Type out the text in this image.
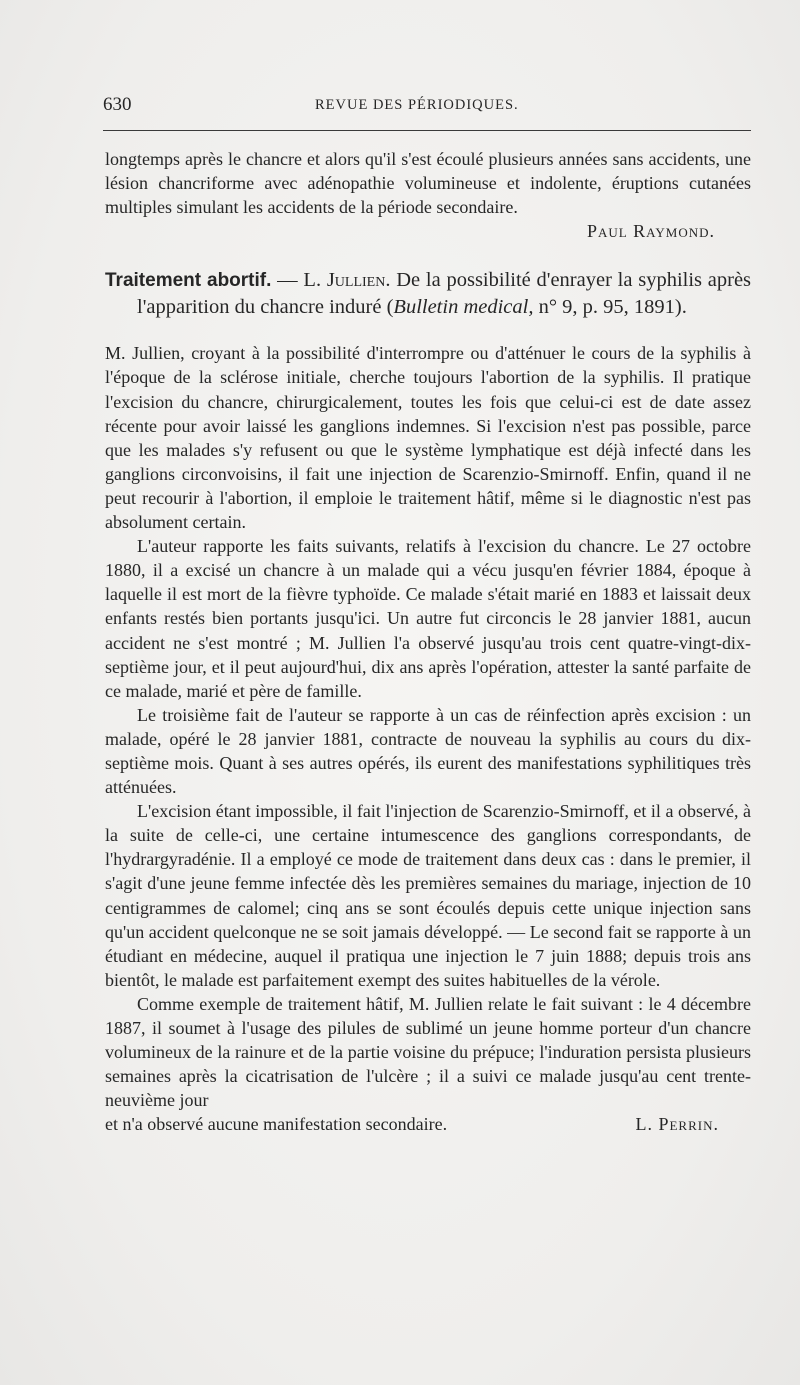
630	REVUE DES PÉRIODIQUES.

longtemps après le chancre et alors qu'il s'est écoulé plusieurs années sans accidents, une lésion chancriforme avec adénopathie volumineuse et indolente, éruptions cutanées multiples simulant les accidents de la période secondaire.

Paul Raymond.

Traitement abortif. — L. Jullien. De la possibilité d'enrayer la syphilis après l'apparition du chancre induré (Bulletin medical, n° 9, p. 95, 1891).

M. Jullien, croyant à la possibilité d'interrompre ou d'atténuer le cours de la syphilis à l'époque de la sclérose initiale, cherche toujours l'abortion de la syphilis. Il pratique l'excision du chancre, chirurgicalement, toutes les fois que celui-ci est de date assez récente pour avoir laissé les ganglions indemnes. Si l'excision n'est pas possible, parce que les malades s'y refusent ou que le système lymphatique est déjà infecté dans les ganglions circonvoisins, il fait une injection de Scarenzio-Smirnoff. Enfin, quand il ne peut recourir à l'abortion, il emploie le traitement hâtif, même si le diagnostic n'est pas absolument certain.

L'auteur rapporte les faits suivants, relatifs à l'excision du chancre. Le 27 octobre 1880, il a excisé un chancre à un malade qui a vécu jusqu'en février 1884, époque à laquelle il est mort de la fièvre typhoïde. Ce malade s'était marié en 1883 et laissait deux enfants restés bien portants jusqu'ici. Un autre fut circoncis le 28 janvier 1881, aucun accident ne s'est montré ; M. Jullien l'a observé jusqu'au trois cent quatre-vingt-dix-septième jour, et il peut aujourd'hui, dix ans après l'opération, attester la santé parfaite de ce malade, marié et père de famille.

Le troisième fait de l'auteur se rapporte à un cas de réinfection après excision : un malade, opéré le 28 janvier 1881, contracte de nouveau la syphilis au cours du dix-septième mois. Quant à ses autres opérés, ils eurent des manifestations syphilitiques très atténuées.

L'excision étant impossible, il fait l'injection de Scarenzio-Smirnoff, et il a observé, à la suite de celle-ci, une certaine intumescence des ganglions correspondants, de l'hydrargyradénie. Il a employé ce mode de traitement dans deux cas : dans le premier, il s'agit d'une jeune femme infectée dès les premières semaines du mariage, injection de 10 centigrammes de calomel; cinq ans se sont écoulés depuis cette unique injection sans qu'un accident quelconque ne se soit jamais développé. — Le second fait se rapporte à un étudiant en médecine, auquel il pratiqua une injection le 7 juin 1888; depuis trois ans bientôt, le malade est parfaitement exempt des suites habituelles de la vérole.

Comme exemple de traitement hâtif, M. Jullien relate le fait suivant : le 4 décembre 1887, il soumet à l'usage des pilules de sublimé un jeune homme porteur d'un chancre volumineux de la rainure et de la partie voisine du prépuce; l'induration persista plusieurs semaines après la cicatrisation de l'ulcère ; il a suivi ce malade jusqu'au cent trente-neuvième jour

et n'a observé aucune manifestation secondaire.	L. Perrin.
